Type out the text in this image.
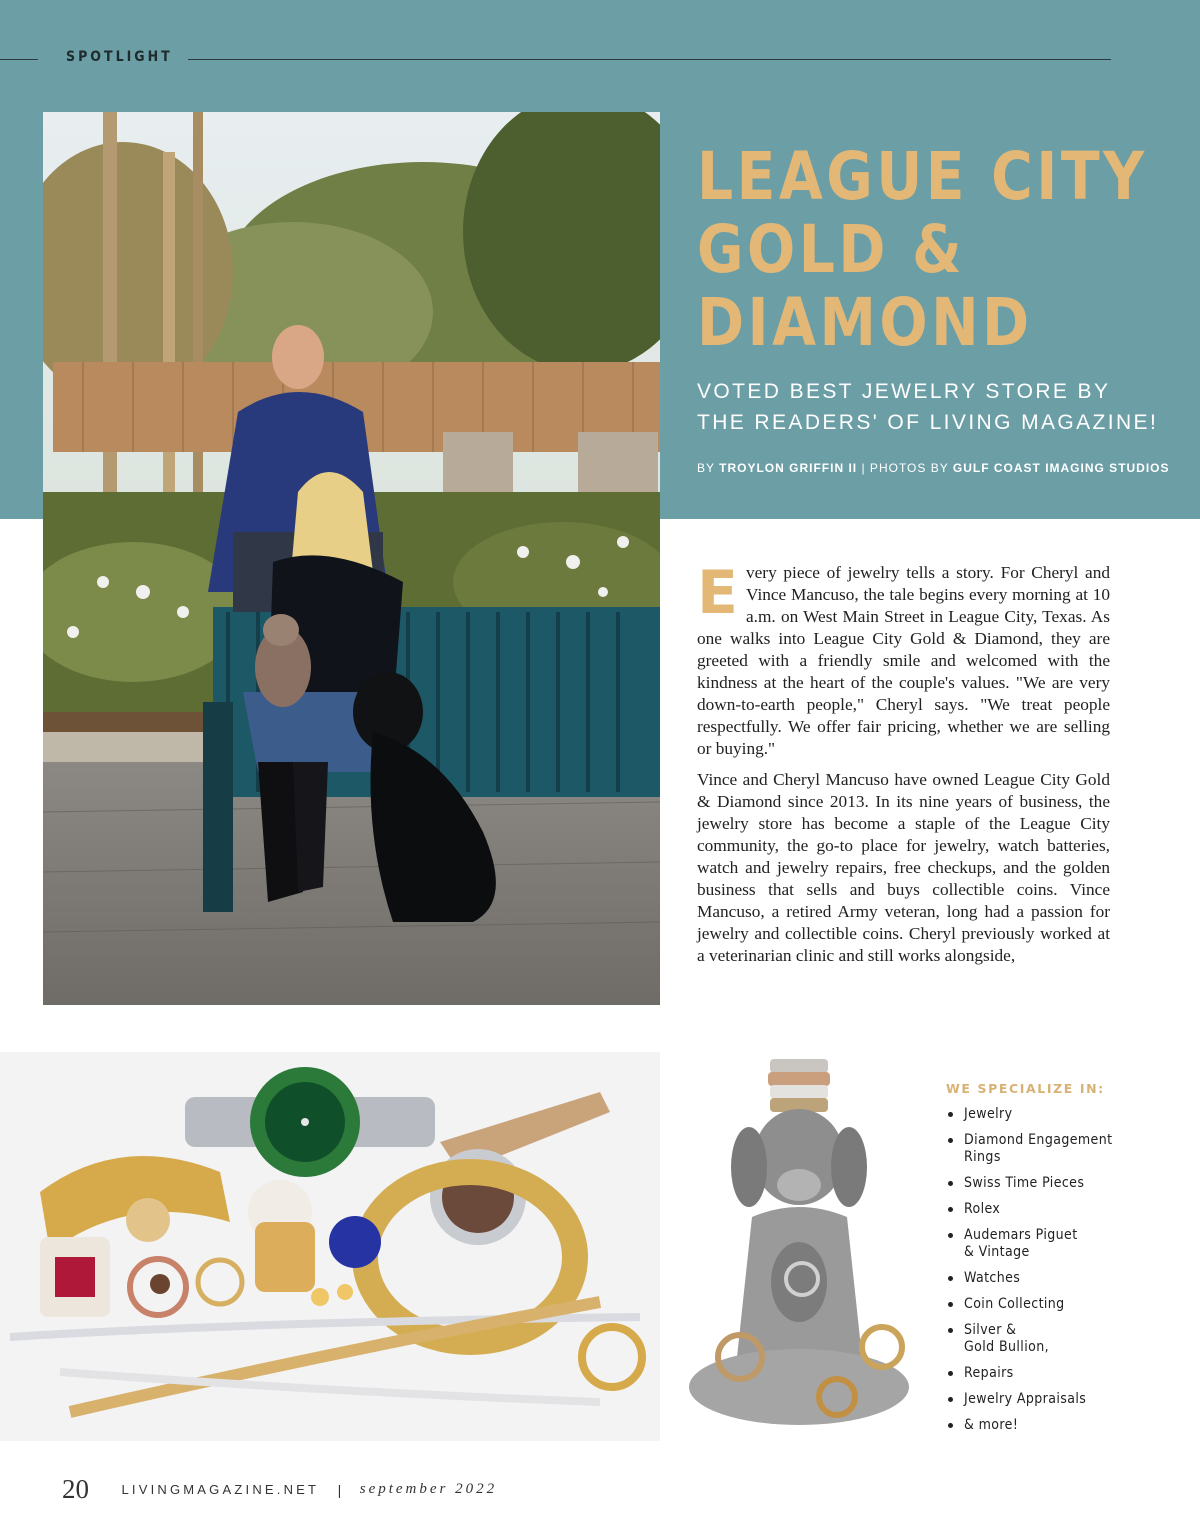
SPOTLIGHT
LEAGUE CITY
GOLD &
DIAMOND
VOTED BEST JEWELRY STORE BY
THE READERS' OF LIVING MAGAZINE!
BY TROYLON GRIFFIN II | PHOTOS BY GULF COAST IMAGING STUDIOS

Every piece of jewelry tells a story. For Cheryl and Vince Mancuso, the tale begins every morning at 10 a.m. on West Main Street in League City, Texas. As one walks into League City Gold & Diamond, they are greeted with a friendly smile and welcomed with the kindness at the heart of the couple's values. "We are very down-to-earth people," Cheryl says. "We treat people respectfully. We offer fair pricing, whether we are selling or buying."

Vince and Cheryl Mancuso have owned League City Gold & Diamond since 2013. In its nine years of business, the jewelry store has become a staple of the League City community, the go-to place for jewelry, watch batteries, watch and jewelry repairs, free checkups, and the golden business that sells and buys collectible coins. Vince Mancuso, a retired Army veteran, long had a passion for jewelry and collectible coins. Cheryl previously worked at a veterinarian clinic and still works alongside,

WE SPECIALIZE IN:
Jewelry
Diamond Engagement
Rings
Swiss Time Pieces
Rolex
Audemars Piguet
& Vintage
Watches
Coin Collecting
Silver &
Gold Bullion,
Repairs
Jewelry Appraisals
& more!
20 LIVINGMAGAZINE.NET | september 2022
